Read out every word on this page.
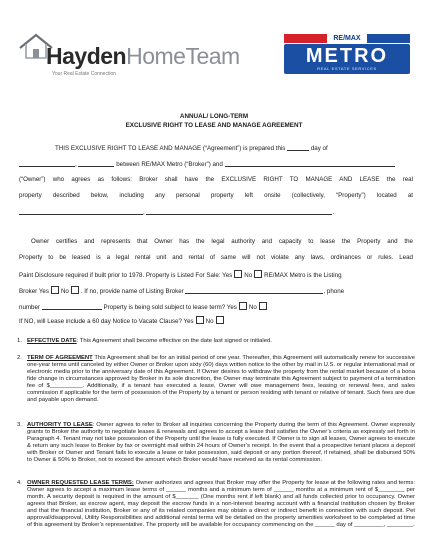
HaydenHomeTeam
Your Real Estate Connection
RE/MAX
METRO
REAL ESTATE SERVICES
ANNUAL/ LONG-TERM
EXCLUSIVE RIGHT TO LEASE AND MANAGE AGREEMENT
THIS EXCLUSIVE RIGHT TO LEASE AND MANAGE (“Agreement”) is prepared this	day of
,	between RE/MAX Metro (“Broker”) and
(“Owner”) who agrees as follows: Broker shall have the EXCLUSIVE RIGHT TO MANAGE AND LEASE the real
property described below, including any personal property left onsite (collectively, “Property”) located at
,	.
Owner certifies and represents that Owner has the legal authority and capacity to lease the Property and the
Property to be leased is a legal rental unit and rental of same will not violate any laws, ordinances or rules. Lead
Paint Disclosure required if built prior to 1978. Property is Listed For Sale: Yes No RE/MAX Metro is the Listing
Broker Yes No . If no, provide name of Listing Broker	, phone
number	Property is being sold subject to lease term? Yes No
If NO, will Lease include a 60 day Notice to Vacate Clause? Yes No
1. EFFECTIVE DATE: This Agreement shall become effective on the date last signed or initialed.
2. TERM OF AGREEMENT This Agreement shall be for an initial period of one year. Thereafter, this Agreement will automatically renew for successive one-year terms until canceled by either Owner or Broker upon sixty (60) days written notice to the other by mail in U.S. or regular international mail or electronic media prior to the anniversary date of this Agreement. If Owner desires to withdraw the property from the rental market because of a bona fide change in circumstances approved by Broker in its sole discretion, the Owner may terminate this Agreement subject to payment of a termination fee of $__________. Additionally, if a tenant has executed a lease, Owner will owe management fees, leasing or renewal fees, and sales commission if applicable for the term of possession of the Property by a tenant or person residing with tenant or relative of tenant. Such fees are due and payable upon demand.
3. AUTHORITY TO LEASE: Owner agrees to refer to Broker all inquiries concerning the Property during the term of this Agreement. Owner expressly grants to Broker the authority to negotiate leases & renewals and agrees to accept a lease that satisfies the Owner’s criteria as expressly set forth in Paragraph 4. Tenant may not take possession of the Property until the lease is fully executed. If Owner is to sign all leases, Owner agrees to execute & return any such lease to Broker by fax or overnight mail within 24 hours of Owner’s receipt. In the event that a prospective tenant places a deposit with Broker or Owner and Tenant fails to execute a lease or take possession, said deposit or any portion thereof, if retained, shall be disbursed 50% to Owner & 50% to Broker, not to exceed the amount which Broker would have received as its rental commission.
4. OWNER REQUESTED LEASE TERMS: Owner authorizes and agrees that Broker may offer the Property for lease at the following rates and terms: Owner agrees to accept a maximum lease terms of ______ months and a minimum term of ______ months at a minimum rent of $________ per month. A security deposit is required in the amount of $_______ (One months rent if left blank) and all funds collected prior to occupancy. Owner agrees that Broker, as escrow agent, may deposit the escrow funds in a non-interest bearing account with a financial institution chosen by Broker and that the financial institution, Broker or any of its related companies may obtain a direct or indirect benefit in connection with such deposit. Pet approval/disapproval, Utility Responsibilities and additional rental terms will be detailed on the property amenities worksheet to be completed at time of this agreement by Broker’s representative. The property will be available for occupancy commencing on the ______ day of _________, ________.
